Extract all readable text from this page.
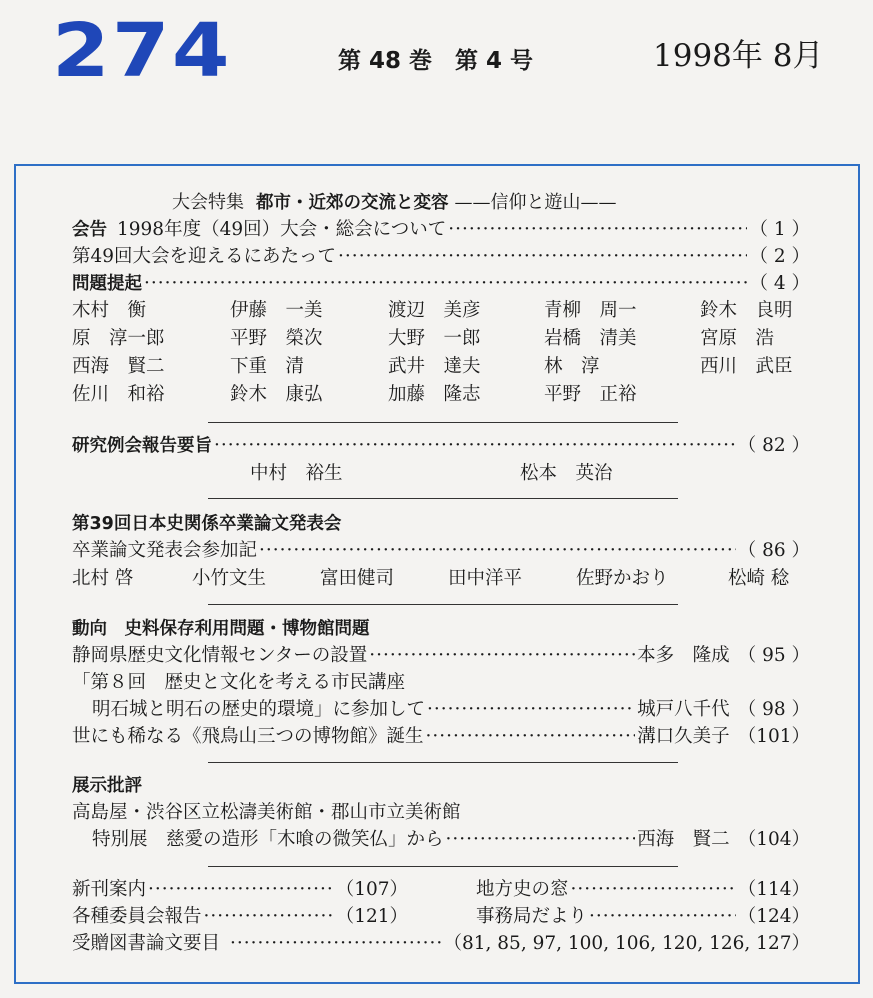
274	第 48 巻　第 4 号	1998年 8月
大会特集 都市・近郊の交流と変容 ——信仰と遊山——
会告 1998年度（49回）大会・総会について ·····	（ 1 ）
第49回大会を迎えるにあたって ·····	（ 2 ）
問題提起 ·····	（ 4 ）
木村　衡	伊藤　一美	渡辺　美彦	青柳　周一	鈴木　良明
原　淳一郎	平野　榮次	大野　一郎	岩橋　清美	宮原　浩
西海　賢二	下重　清	武井　達夫	林　淳	西川　武臣
佐川　和裕	鈴木　康弘	加藤　隆志	平野　正裕
研究例会報告要旨 ·····	（ 82 ）
中村　裕生	松本　英治
第39回日本史関係卒業論文発表会
卒業論文発表会参加記 ·····	（ 86 ）
北村 啓	小竹文生	富田健司	田中洋平	佐野かおり	松崎 稔
動向　史料保存利用問題・博物館問題
静岡県歴史文化情報センターの設置 ·····	本多　隆成 （ 95 ）
「第８回　歴史と文化を考える市民講座
明石城と明石の歴史的環境」に参加して ·····	城戸八千代 （ 98 ）
世にも稀なる《飛鳥山三つの博物館》誕生 ·····	溝口久美子 （101）
展示批評
高島屋・渋谷区立松濤美術館・郡山市立美術館
特別展　慈愛の造形「木喰の微笑仏」から ·····	西海　賢二 （104）
新刊案内 ·····	（107）	地方史の窓 ·····	（114）
各種委員会報告 ·····	（121）	事務局だより ·····	（124）
受贈図書論文要目 ·····	（81, 85, 97, 100, 106, 120, 126, 127）
